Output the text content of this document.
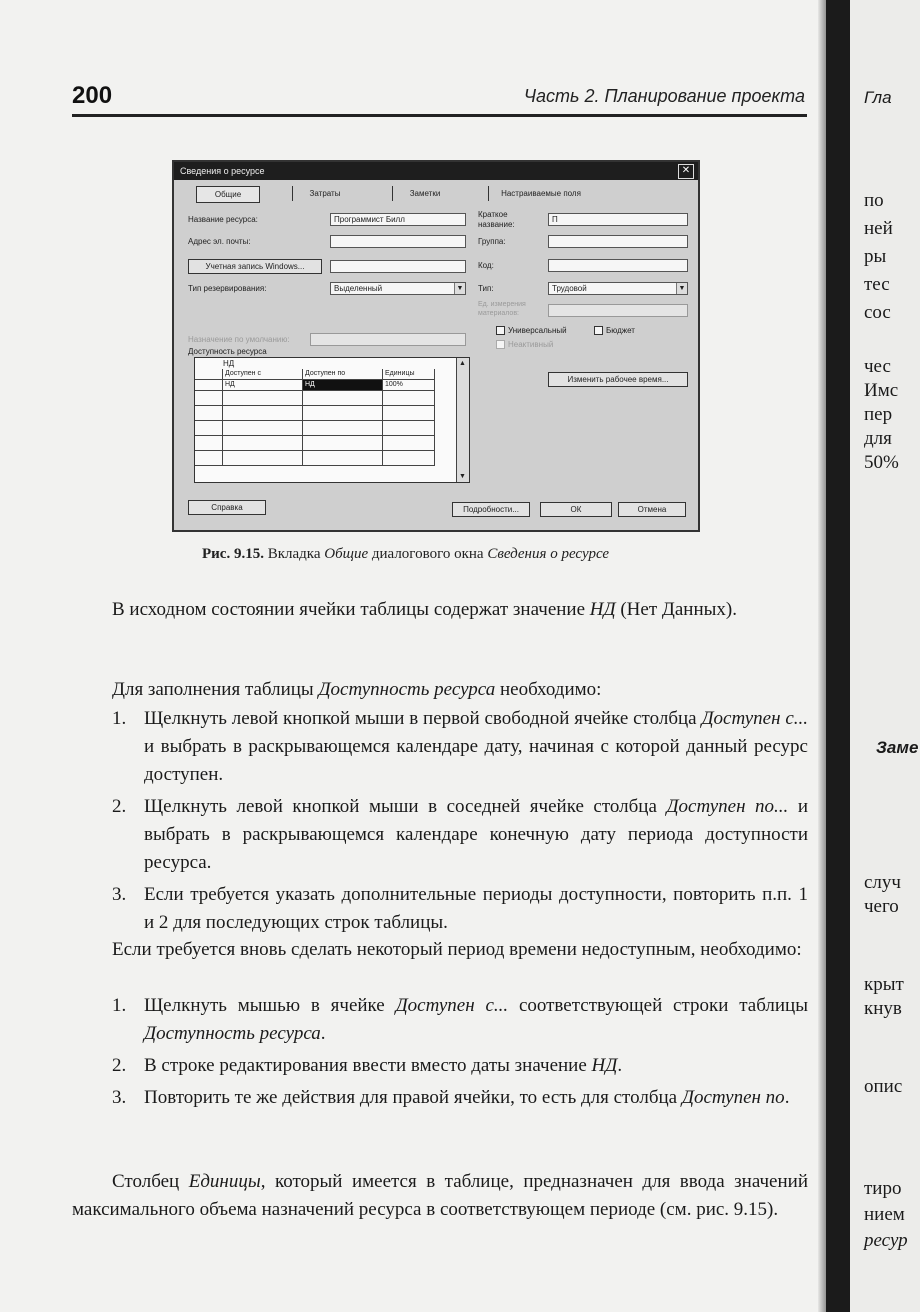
200	Часть 2. Планирование проекта
Сведения о ресурсе	✕
Общие	Затраты	Заметки	Настраиваемые поля
Название ресурса:	Программист Билл
Адрес эл. почты:
Учетная запись Windows...
Тип резервирования:	Выделенный	▼
Назначение по умолчанию:
Доступность ресурса
НД
Доступен с	Доступен по	Единицы
НД	НД	100%
▲
▼
Краткое название:
П
Группа:
Код:
Тип:	Трудовой	▼
Ед. измерения материалов:
Универсальный	Бюджет
Неактивный
Изменить рабочее время...
Справка	Подробности...	ОК	Отмена
Рис. 9.15. Вкладка Общие диалогового окна Сведения о ресурсе
В исходном состоянии ячейки таблицы содержат значение НД (Нет Данных).
Для заполнения таблицы Доступность ресурса необходимо:
1. Щелкнуть левой кнопкой мыши в первой свободной ячейке столбца Доступен с... и выбрать в раскрывающемся календаре дату, начиная с которой данный ресурс доступен.
2. Щелкнуть левой кнопкой мыши в соседней ячейке столбца Доступен по... и выбрать в раскрывающемся календаре конечную дату периода доступности ресурса.
3. Если требуется указать дополнительные периоды доступности, повторить п.п. 1 и 2 для последующих строк таблицы.
Если требуется вновь сделать некоторый период времени недоступным, необходимо:
1. Щелкнуть мышью в ячейке Доступен с... соответствующей строки таблицы Доступность ресурса.
2. В строке редактирования ввести вместо даты значение НД.
3. Повторить те же действия для правой ячейки, то есть для столбца Доступен по.
Столбец Единицы, который имеется в таблице, предназначен для ввода значений максимального объема назначений ресурса в соответствующем периоде (см. рис. 9.15).
Гла
по
ней
ры
тес
сос
чес
Имс
пер
для
50%
Заме
случ
чего
крыт
кнув
опис
тиро
нием
ресур
